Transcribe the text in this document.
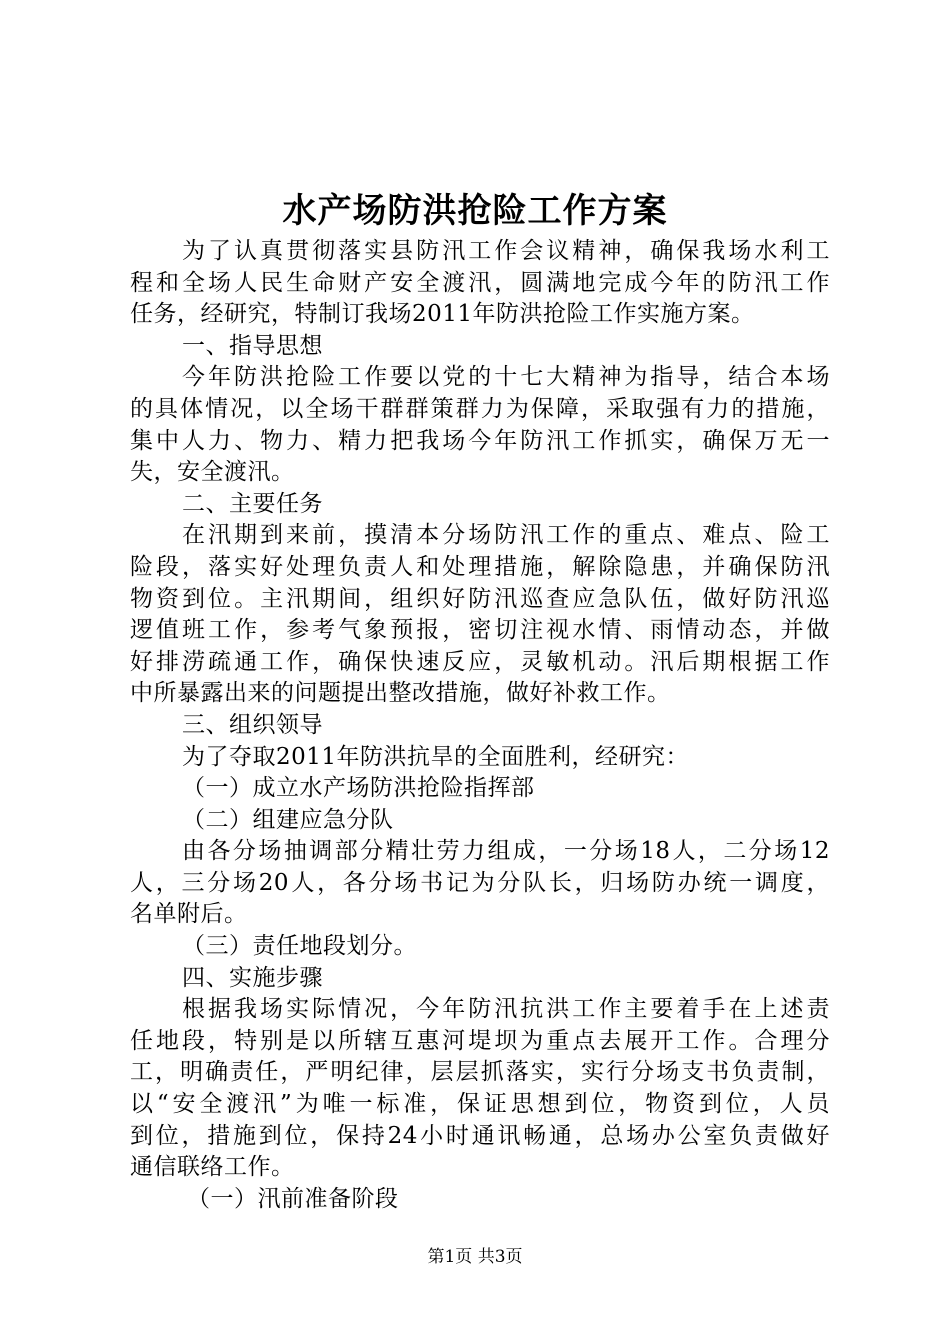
水产场防洪抢险工作方案
为了认真贯彻落实县防汛工作会议精神，确保我场水利工
程和全场人民生命财产安全渡汛，圆满地完成今年的防汛工作
任务，经研究，特制订我场2011年防洪抢险工作实施方案。
一、指导思想
今年防洪抢险工作要以党的十七大精神为指导，结合本场
的具体情况，以全场干群群策群力为保障，采取强有力的措施，
集中人力、物力、精力把我场今年防汛工作抓实，确保万无一
失，安全渡汛。
二、主要任务
在汛期到来前，摸清本分场防汛工作的重点、难点、险工
险段，落实好处理负责人和处理措施，解除隐患，并确保防汛
物资到位。主汛期间，组织好防汛巡查应急队伍，做好防汛巡
逻值班工作，参考气象预报，密切注视水情、雨情动态，并做
好排涝疏通工作，确保快速反应，灵敏机动。汛后期根据工作
中所暴露出来的问题提出整改措施，做好补救工作。
三、组织领导
为了夺取2011年防洪抗旱的全面胜利，经研究：
（一）成立水产场防洪抢险指挥部
（二）组建应急分队
由各分场抽调部分精壮劳力组成，一分场18人，二分场12
人，三分场20人，各分场书记为分队长，归场防办统一调度，
名单附后。
（三）责任地段划分。
四、实施步骤
根据我场实际情况，今年防汛抗洪工作主要着手在上述责
任地段，特别是以所辖互惠河堤坝为重点去展开工作。合理分
工，明确责任，严明纪律，层层抓落实，实行分场支书负责制，
以“安全渡汛”为唯一标准，保证思想到位，物资到位，人员
到位，措施到位，保持24小时通讯畅通，总场办公室负责做好
通信联络工作。
（一）汛前准备阶段
第1页 共3页
